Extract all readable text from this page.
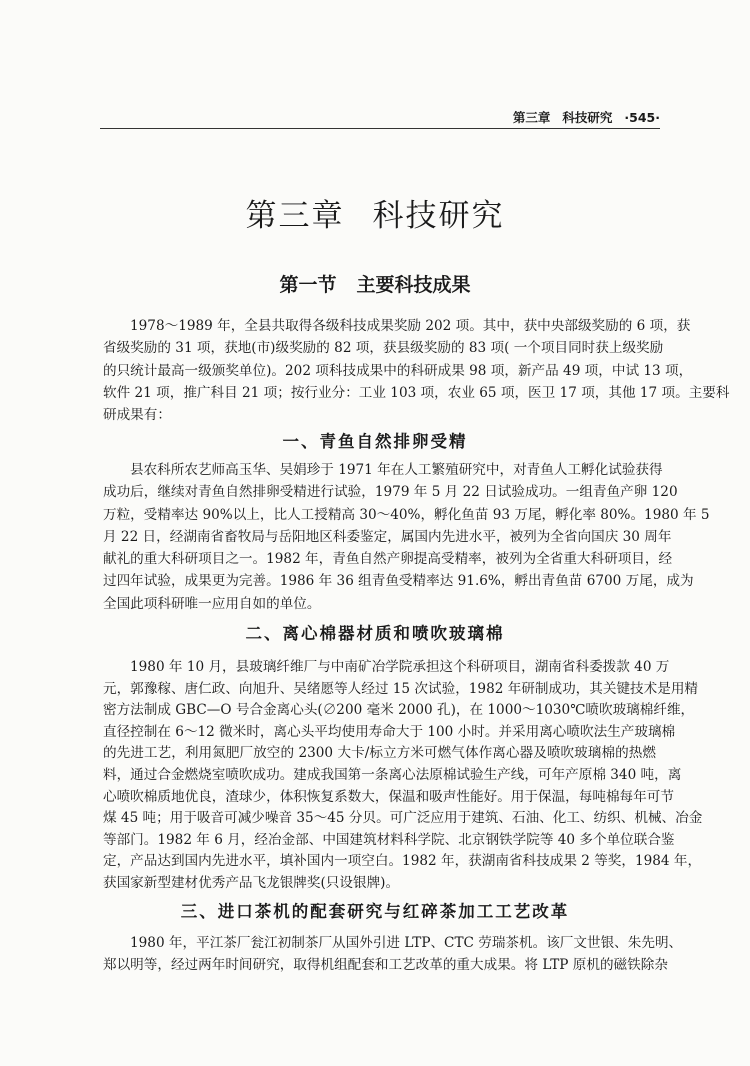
第三章 科技研究 ·545·
第三章 科技研究
第一节 主要科技成果
1978～1989 年，全县共取得各级科技成果奖励 202 项。其中，获中央部级奖励的 6 项，获
省级奖励的 31 项，获地(市)级奖励的 82 项，获县级奖励的 83 项( 一个项目同时获上级奖励
的只统计最高一级颁奖单位)。202 项科技成果中的科研成果 98 项，新产品 49 项，中试 13 项，
软件 21 项，推广科目 21 项；按行业分：工业 103 项，农业 65 项，医卫 17 项，其他 17 项。主要科
研成果有：
一、青鱼自然排卵受精
县农科所农艺师高玉华、吴娟珍于 1971 年在人工繁殖研究中，对青鱼人工孵化试验获得
成功后，继续对青鱼自然排卵受精进行试验，1979 年 5 月 22 日试验成功。一组青鱼产卵 120
万粒，受精率达 90%以上，比人工授精高 30～40%，孵化鱼苗 93 万尾，孵化率 80%。1980 年 5
月 22 日，经湖南省畜牧局与岳阳地区科委鉴定，属国内先进水平，被列为全省向国庆 30 周年
献礼的重大科研项目之一。1982 年，青鱼自然产卵提高受精率，被列为全省重大科研项目，经
过四年试验，成果更为完善。1986 年 36 组青鱼受精率达 91.6%，孵出青鱼苗 6700 万尾，成为
全国此项科研唯一应用自如的单位。
二、离心棉器材质和喷吹玻璃棉
1980 年 10 月，县玻璃纤维厂与中南矿冶学院承担这个科研项目，湖南省科委拨款 40 万
元，郭豫稼、唐仁政、向旭升、吴绪愿等人经过 15 次试验，1982 年研制成功，其关键技术是用精
密方法制成 GBC—O 号合金离心头(∅200 毫米 2000 孔)，在 1000～1030℃喷吹玻璃棉纤维，
直径控制在 6～12 微米时，离心头平均使用寿命大于 100 小时。并采用离心喷吹法生产玻璃棉
的先进工艺，利用氮肥厂放空的 2300 大卡/标立方米可燃气体作离心器及喷吹玻璃棉的热燃
料，通过合金燃烧室喷吹成功。建成我国第一条离心法原棉试验生产线，可年产原棉 340 吨，离
心喷吹棉质地优良，渣球少，体积恢复系数大，保温和吸声性能好。用于保温，每吨棉每年可节
煤 45 吨；用于吸音可减少噪音 35～45 分贝。可广泛应用于建筑、石油、化工、纺织、机械、冶金
等部门。1982 年 6 月，经冶金部、中国建筑材料科学院、北京钢铁学院等 40 多个单位联合鉴
定，产品达到国内先进水平，填补国内一项空白。1982 年，获湖南省科技成果 2 等奖，1984 年，
获国家新型建材优秀产品飞龙银牌奖(只设银牌)。
三、进口茶机的配套研究与红碎茶加工工艺改革
1980 年，平江茶厂瓮江初制茶厂从国外引进 LTP、CTC 劳瑞茶机。该厂文世银、朱先明、
郑以明等，经过两年时间研究，取得机组配套和工艺改革的重大成果。将 LTP 原机的磁铁除杂
